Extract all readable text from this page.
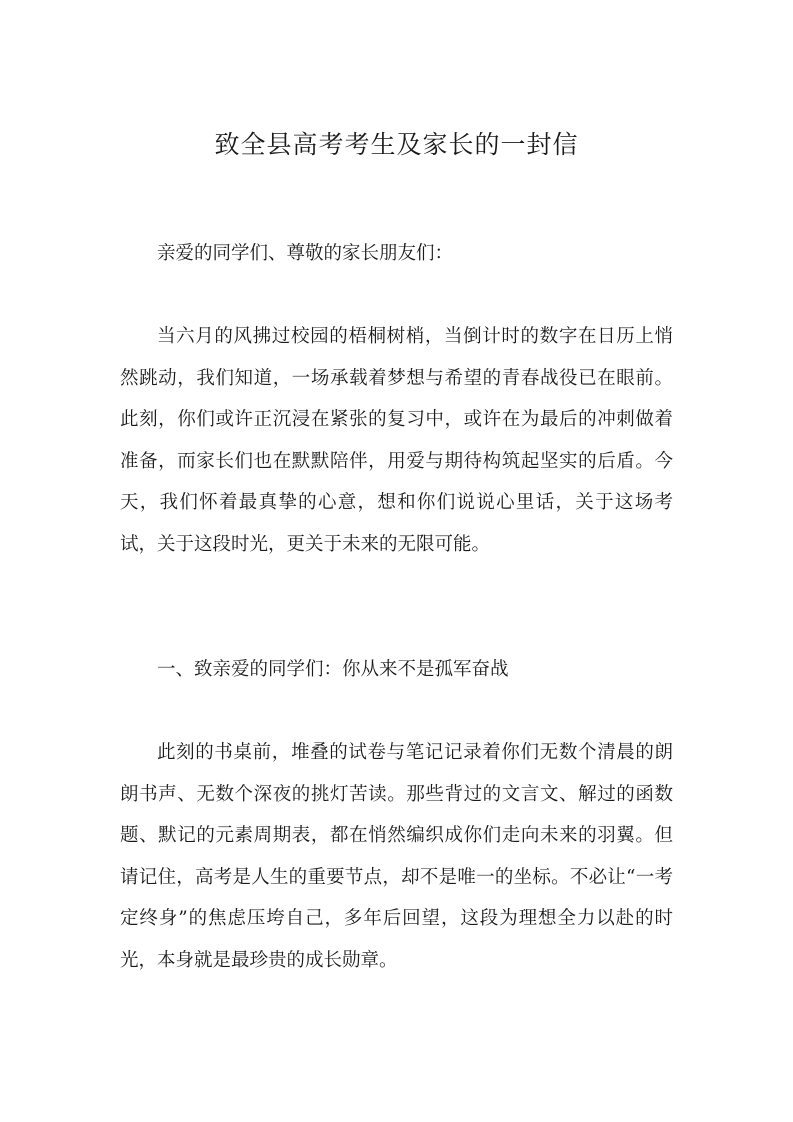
致全县高考考生及家长的一封信

亲爱的同学们、尊敬的家长朋友们：

当六月的风拂过校园的梧桐树梢，当倒计时的数字在日历上悄然跳动，我们知道，一场承载着梦想与希望的青春战役已在眼前。此刻，你们或许正沉浸在紧张的复习中，或许在为最后的冲刺做着准备，而家长们也在默默陪伴，用爱与期待构筑起坚实的后盾。今天，我们怀着最真挚的心意，想和你们说说心里话，关于这场考试，关于这段时光，更关于未来的无限可能。

一、致亲爱的同学们：你从来不是孤军奋战

此刻的书桌前，堆叠的试卷与笔记记录着你们无数个清晨的朗朗书声、无数个深夜的挑灯苦读。那些背过的文言文、解过的函数题、默记的元素周期表，都在悄然编织成你们走向未来的羽翼。但请记住，高考是人生的重要节点，却不是唯一的坐标。不必让“一考定终身”的焦虑压垮自己，多年后回望，这段为理想全力以赴的时光，本身就是最珍贵的成长勋章。
